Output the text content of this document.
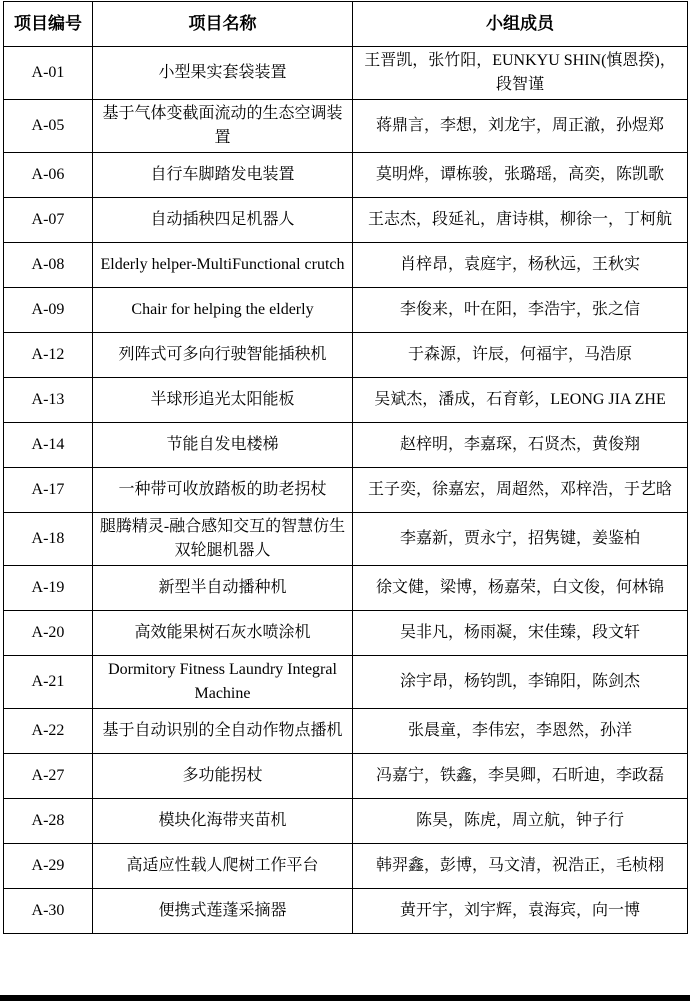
项目编号	项目名称	小组成员
A-01	小型果实套袋装置	王晋凯，张竹阳，EUNKYU SHIN(慎恩揆)，段智谨
A-05	基于气体变截面流动的生态空调装置	蒋鼎言，李想，刘龙宇，周正澈，孙煜郑
A-06	自行车脚踏发电装置	莫明烨，谭栋骏，张璐瑶，高奕，陈凯歌
A-07	自动插秧四足机器人	王志杰，段延礼，唐诗棋，柳徐一，丁柯航
A-08	Elderly helper-MultiFunctional crutch	肖梓昂，袁庭宇，杨秋远，王秋实
A-09	Chair for helping the elderly	李俊来，叶在阳，李浩宇，张之信
A-12	列阵式可多向行驶智能插秧机	于森源，许辰，何福宇，马浩原
A-13	半球形追光太阳能板	吴斌杰，潘成，石育彰，LEONG JIA ZHE
A-14	节能自发电楼梯	赵梓明，李嘉琛，石贤杰，黄俊翔
A-17	一种带可收放踏板的助老拐杖	王子奕，徐嘉宏，周超然，邓梓浩，于艺晗
A-18	腿腾精灵-融合感知交互的智慧仿生双轮腿机器人	李嘉新，贾永宁，招隽键，姜鉴柏
A-19	新型半自动播种机	徐文健，梁博，杨嘉荣，白文俊，何林锦
A-20	高效能果树石灰水喷涂机	吴非凡，杨雨凝，宋佳臻，段文轩
A-21	Dormitory Fitness Laundry Integral Machine	涂宇昂，杨钧凯，李锦阳，陈剑杰
A-22	基于自动识别的全自动作物点播机	张晨童，李伟宏，李恩然，孙洋
A-27	多功能拐杖	冯嘉宁，铁鑫，李昊卿，石昕迪，李政磊
A-28	模块化海带夹苗机	陈昊，陈虎，周立航，钟子行
A-29	高适应性载人爬树工作平台	韩羿鑫，彭博，马文清，祝浩正，毛桢栩
A-30	便携式莲蓬采摘器	黄开宇，刘宇辉，袁海宾，向一博
